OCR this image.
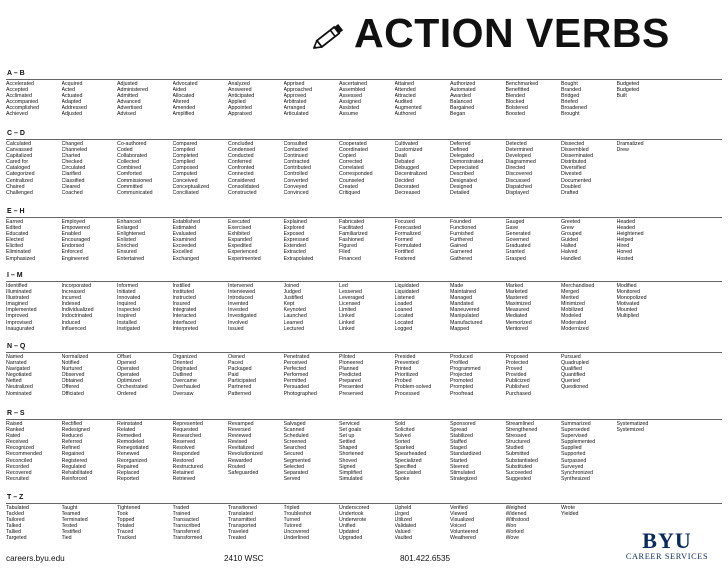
ACTION VERBS
A – B
Accelerated
Accepted
Acclimated
Accompanied
Accomplished
Achieved
Acquired
Acted
Actuated
Adapted
Addressed
Adjusted
Adjusted
Administered
Admitted
Advanced
Advertised
Advised
Advocated
Aided
Allocated
Altered
Amended
Amplified
Analyzed
Answered
Anticipated
Applied
Appointed
Appraised
Apprised
Approached
Approved
Arbitrated
Arranged
Articulated
Ascertained
Assembled
Assessed
Assigned
Assisted
Assume
Attained
Attended
Attracted
Audited
Augmented
Authored
Authorized
Automated
Awarded
Balanced
Bargained
Began
Benchmarked
Benefitted
Blended
Blocked
Bolstered
Boosted
Bought
Branded
Bridged
Briefed
Broadened
Brought
Budgeted
Budgeted
Built
C – D
Calculated
Canvassed
Capitalized
Cared for
Cataloged
Categorized
Centralized
Chaired
Challenged
Changed
Channeled
Charted
Checked
Circulated
Clarified
Classified
Cleared
Coached
Co-authored
Coded
Collaborated
Collected
Combined
Comforted
Commissioned
Committed
Communicated
Compared
Compiled
Completed
Complied
Composed
Computed
Conceived
Conceptualized
Conciliated
Concluded
Condensed
Conducted
Conferred
Confronted
Connected
Considered
Consolidated
Constructed
Consulted
Contacted
Continued
Contracted
Contributed
Controlled
Converted
Conveyed
Convinced
Cooperated
Coordinated
Copied
Corrected
Correlated
Corresponded
Counseled
Created
Critiqued
Cultivated
Customized
Dealt
Debated
Debugged
Decentralized
Decided
Decorated
Decreased
Deferred
Defined
Delegated
Demonstrated
Depreciated
Described
Designated
Designed
Detailed
Detected
Determined
Developed
Diagrammed
Directed
Discovered
Discussed
Dispatched
Displayed
Dissected
Dissembled
Disseminated
Distributed
Diversified
Divested
Documented
Doubled
Drafted
Dramatized
Drew
E – H
Earned
Edited
Educated
Elected
Elicited
Eliminated
Emphasized
Employed
Empowered
Enabled
Encouraged
Endorsed
Enforced
Engineered
Enhanced
Enlarged
Enlightened
Enlisted
Enriched
Ensured
Entertained
Established
Estimated
Evaluated
Examined
Exceeded
Excelled
Exchanged
Executed
Exercised
Exhibited
Expanded
Expedited
Experienced
Experimented
Explained
Explored
Exposed
Expressed
Extended
Extracted
Extrapolated
Fabricated
Facilitated
Familiarized
Fashioned
Figured
Filed
Financed
Focused
Forecasted
Formalized
Formed
Formulated
Fortified
Fostered
Founded
Functioned
Furnished
Furthered
Gained
Garnered
Gathered
Gauged
Gave
Generated
Governed
Graduated
Granted
Grasped
Greeted
Grew
Grouped
Guided
Halted
Halved
Handled
Headed
Headed
Heightened
Helped
Hired
Honed
Hosted
I – M
Identified
Illuminated
Illustrated
Imagined
Implemented
Improved
Improvised
Inaugurated
Incorporated
Increased
Incurred
Indexed
Individualized
Indoctrinated
Induced
Influenced
Informed
Initiated
Innovated
Inquired
Inspected
Inspired
Installed
Instigated
Instilled
Instituted
Instructed
Insured
Integrated
Interacted
Interfaced
Interpreted
Intervened
Interviewed
Introduced
Invented
Invested
Investigated
Involved
Issued
Joined
Judged
Justified
Kept
Keynoted
Launched
Learned
Lectured
Led
Lessened
Leveraged
Licensed
Limited
Linked
Linked
Linked
Liquidated
Liquidated
Listened
Loaded
Loaned
Located
Located
Logged
Made
Maintained
Managed
Mandated
Maneuvered
Manipulated
Manufactured
Mapped
Marked
Marketed
Mastered
Maximized
Measured
Mediated
Memorized
Mentored
Merchandised
Merged
Merited
Minimized
Mobilized
Modeled
Moderated
Modernized
Modified
Monitored
Monopolized
Motivated
Mounted
Multiplied
N – Q
Named
Narrated
Navigated
Negotiated
Netted
Neutralized
Nominated
Normalized
Notified
Nurtured
Observed
Obtained
Offered
Officiated
Offset
Opened
Operated
Operated
Optimized
Orchestrated
Ordered
Organized
Oriented
Originated
Outlined
Overcame
Overhauled
Oversaw
Owned
Paced
Packaged
Paid
Participated
Partnered
Patterned
Penetrated
Perceived
Perfected
Performed
Permitted
Persuaded
Photographed
Piloted
Pioneered
Planned
Predicted
Prepared
Presented
Preserved
Presided
Prevented
Printed
Prioritized
Probed
Problem-solved
Processed
Produced
Profiled
Programmed
Projected
Promoted
Prompted
Proofread
Proposed
Protected
Proved
Provided
Publicized
Published
Purchased
Pursued
Quadrupled
Qualified
Quantified
Queried
Questioned
R – S
Raised
Ranked
Rated
Received
Recognized
Recommended
Reconciled
Recorded
Recovered
Recruited
Rectified
Redesigned
Reduced
Referred
Refined
Regained
Registered
Regulated
Rehabilitated
Reinforced
Reinstated
Related
Remedied
Remodeled
Renegotiated
Renewed
Reorganized
Repaired
Replaced
Reported
Represented
Requested
Researched
Reserved
Resolved
Responded
Restored
Restructured
Retained
Retrieved
Revamped
Reversed
Reviewed
Revised
Revitalized
Revolutionized
Rewarded
Routed
Safeguarded
Salvaged
Scanned
Scheduled
Screened
Searched
Secured
Segmented
Selected
Separated
Served
Serviced
Set goals
Set up
Settled
Shaped
Shortened
Shoved
Signed
Simplified
Simulated
Sold
Solicited
Solved
Sorted
Sparked
Spearheaded
Specialized
Specified
Speculated
Spoke
Sponsored
Spread
Stabilized
Staffed
Staged
Standardized
Started
Steered
Stimulated
Strategized
Streamlined
Strengthened
Stressed
Structured
Studied
Submitted
Substantiated
Substituted
Succeeded
Suggested
Summarized
Superseded
Supervised
Supplemented
Supplied
Supported
Surpassed
Surveyed
Synchronized
Synthesized
Systematized
Systemized
T – Z
Tabulated
Tackled
Tailored
Talked
Tallied
Targeted
Taught
Teamed
Terminated
Tested
Testified
Tied
Tightened
Took
Topped
Totaled
Traced
Tracked
Traded
Trained
Transacted
Transcribed
Transferred
Transformed
Transitioned
Translated
Transmitted
Transported
Traveled
Treated
Tripled
Troubleshot
Turned
Tutored
Uncovered
Underlined
Underscored
Undertook
Underwrote
Unified
Updated
Upgraded
Upheld
Urged
Utilized
Validated
Valued
Vaulted
Verified
Viewed
Visualized
Voiced
Volunteered
Weathered
Weighed
Widened
Withstood
Won
Worked
Wove
Wrote
Yielded
careers.byu.edu	2410 WSC	801.422.6535
BYU
CAREER SERVICES
